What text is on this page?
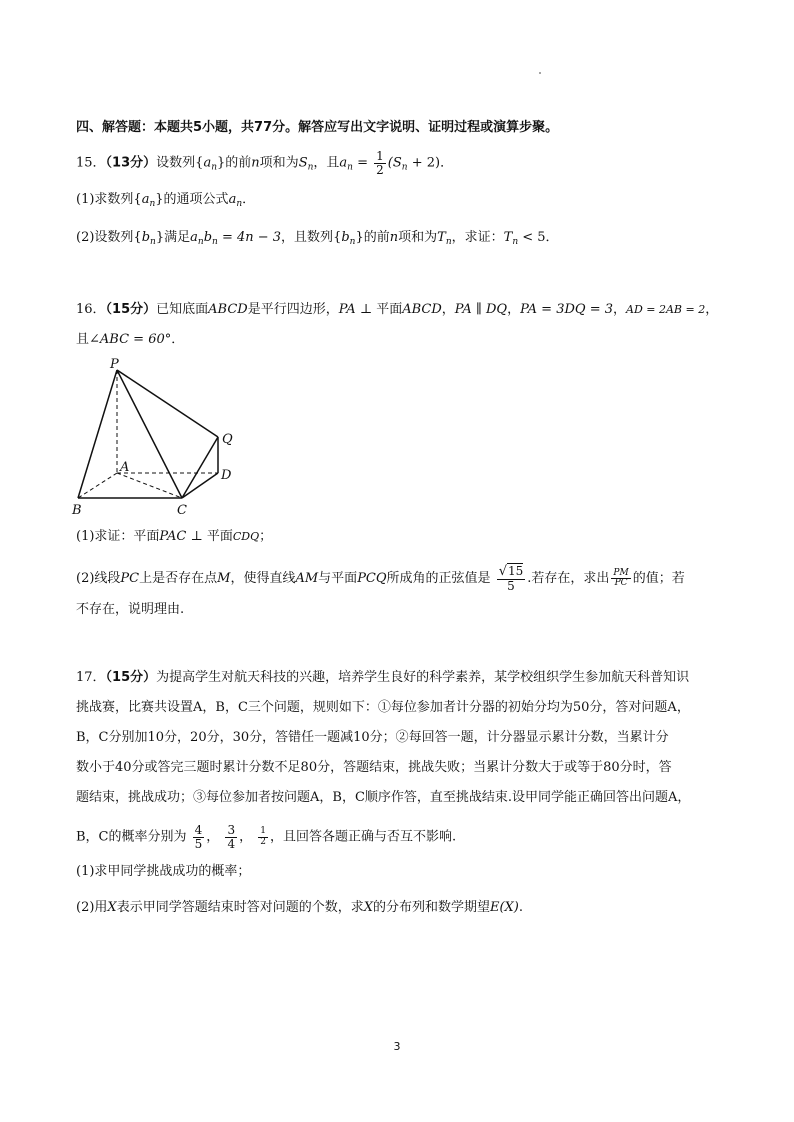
四、解答题：本题共5小题，共77分。解答应写出文字说明、证明过程或演算步聚。
15．（13分）设数列$\{a_n\}$的前n项和为$S_n$，且$a_n = \frac{1}{2} (S_n + 2)$．
(1)求数列$\{a_n\}$的通项公式$a_n$．
(2)设数列$\{b_n\}$满足$a_nb_n = 4n - 3$，且数列$\{b_n\}$的前n项和为$T_n$，求证：$T_n < 5$．
16．（15分）已知底面ABCD是平行四边形，PA ⊥ 平面ABCD，PA ∥ DQ，PA = 3DQ = 3，AD = 2AB = 2，
且∠ABC = 60°．
P
Q
A
D
B	C
(1)求证：平面PAC ⊥ 平面CDQ；
(2)线段PC上是否存在点M，使得直线AM与平面PCQ所成角的正弦值是 $\frac{√15}{5}$ .若存在，求出 $\frac{PM}{PC}$ 的值；若
不存在，说明理由.
17．（15分）为提高学生对航天科技的兴趣，培养学生良好的科学素养，某学校组织学生参加航天科普知识
挑战赛，比赛共设置A，B，C三个问题，规则如下：①每位参加者计分器的初始分均为50分，答对问题A，
B，C分别加10分，20分，30分，答错任一题减10分；②每回答一题，计分器显示累计分数，当累计分
数小于40分或答完三题时累计分数不足80分，答题结束，挑战失败；当累计分数大于或等于80分时，答
题结束，挑战成功；③每位参加者按问题A，B，C顺序作答，直至挑战结束.设甲同学能正确回答出问题A，
B，C的概率分别为 $\frac{4}{5}$ ， $\frac{3}{4}$ ， $\frac{1}{2}$ ，且回答各题正确与否互不影响.
(1)求甲同学挑战成功的概率；
(2)用X表示甲同学答题结束时答对问题的个数，求X的分布列和数学期望E(X).
3
